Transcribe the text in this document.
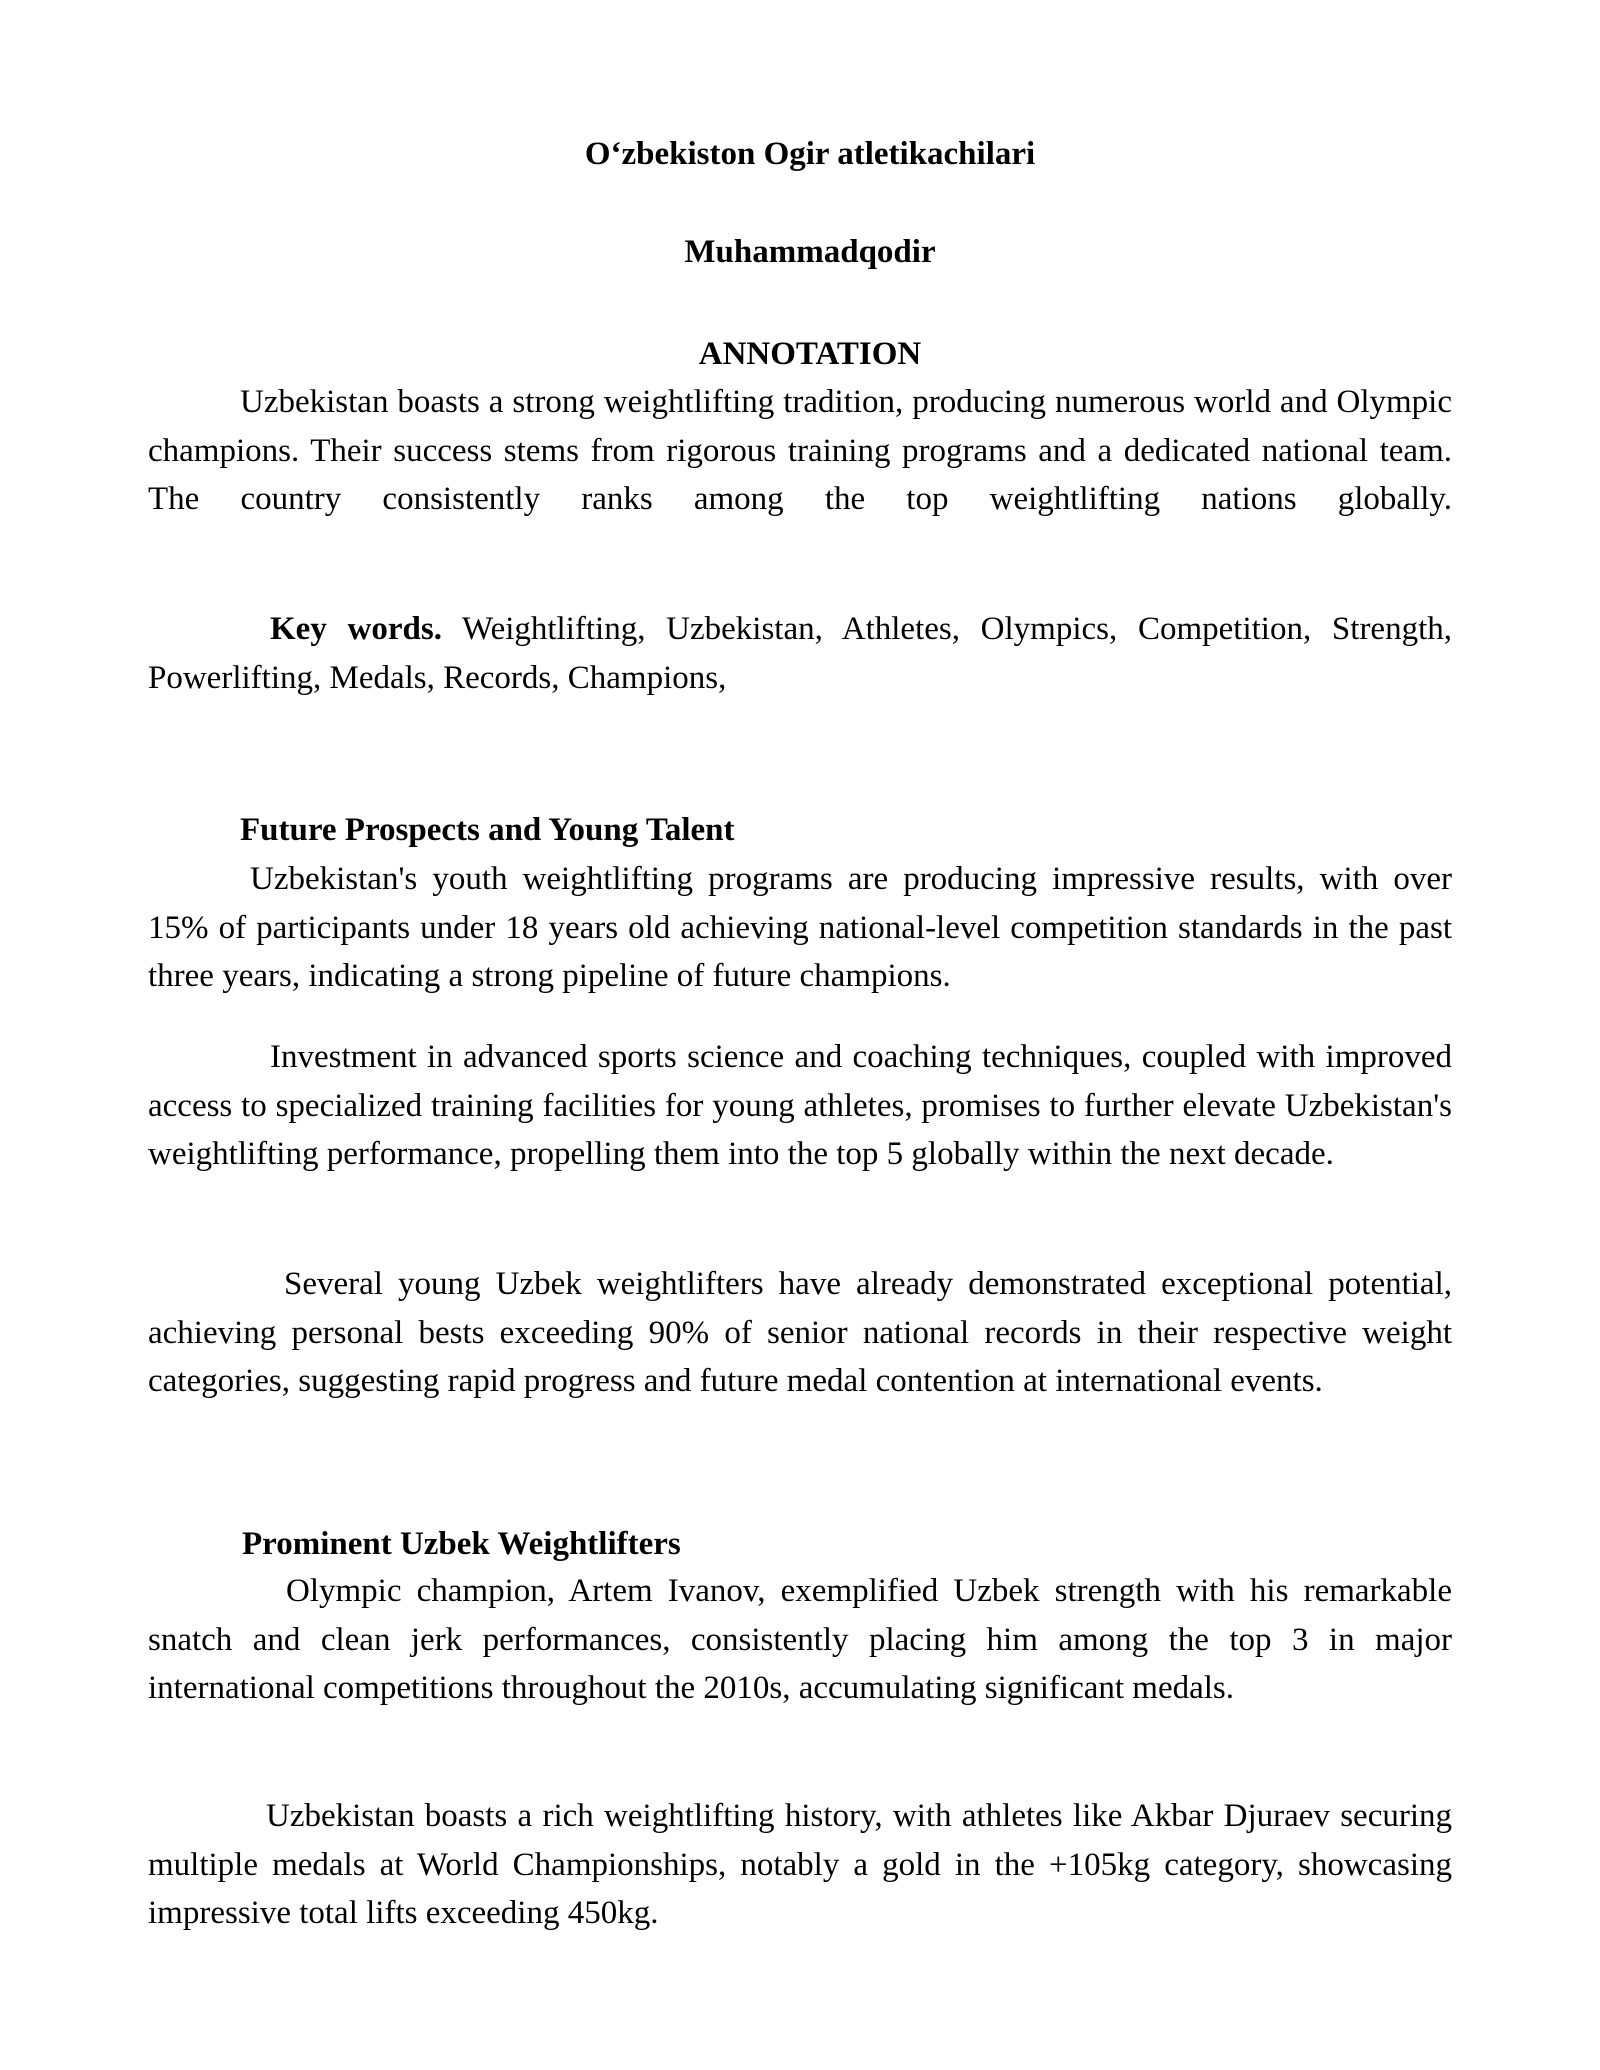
O‘zbekiston Ogir atletikachilari

Muhammadqodir

ANNOTATION

Uzbekistan boasts a strong weightlifting tradition, producing numerous world and Olympic champions. Their success stems from rigorous training programs and a dedicated national team. The country consistently ranks among the top weightlifting nations globally.

Key words. Weightlifting, Uzbekistan, Athletes, Olympics, Competition, Strength, Powerlifting, Medals, Records, Champions,

Future Prospects and Young Talent

Uzbekistan's youth weightlifting programs are producing impressive results, with over 15% of participants under 18 years old achieving national-level competition standards in the past three years, indicating a strong pipeline of future champions.

Investment in advanced sports science and coaching techniques, coupled with improved access to specialized training facilities for young athletes, promises to further elevate Uzbekistan's weightlifting performance, propelling them into the top 5 globally within the next decade.

Several young Uzbek weightlifters have already demonstrated exceptional potential, achieving personal bests exceeding 90% of senior national records in their respective weight categories, suggesting rapid progress and future medal contention at international events.

Prominent Uzbek Weightlifters

Olympic champion, Artem Ivanov, exemplified Uzbek strength with his remarkable snatch and clean jerk performances, consistently placing him among the top 3 in major international competitions throughout the 2010s, accumulating significant medals.

Uzbekistan boasts a rich weightlifting history, with athletes like Akbar Djuraev securing multiple medals at World Championships, notably a gold in the +105kg category, showcasing impressive total lifts exceeding 450kg.
